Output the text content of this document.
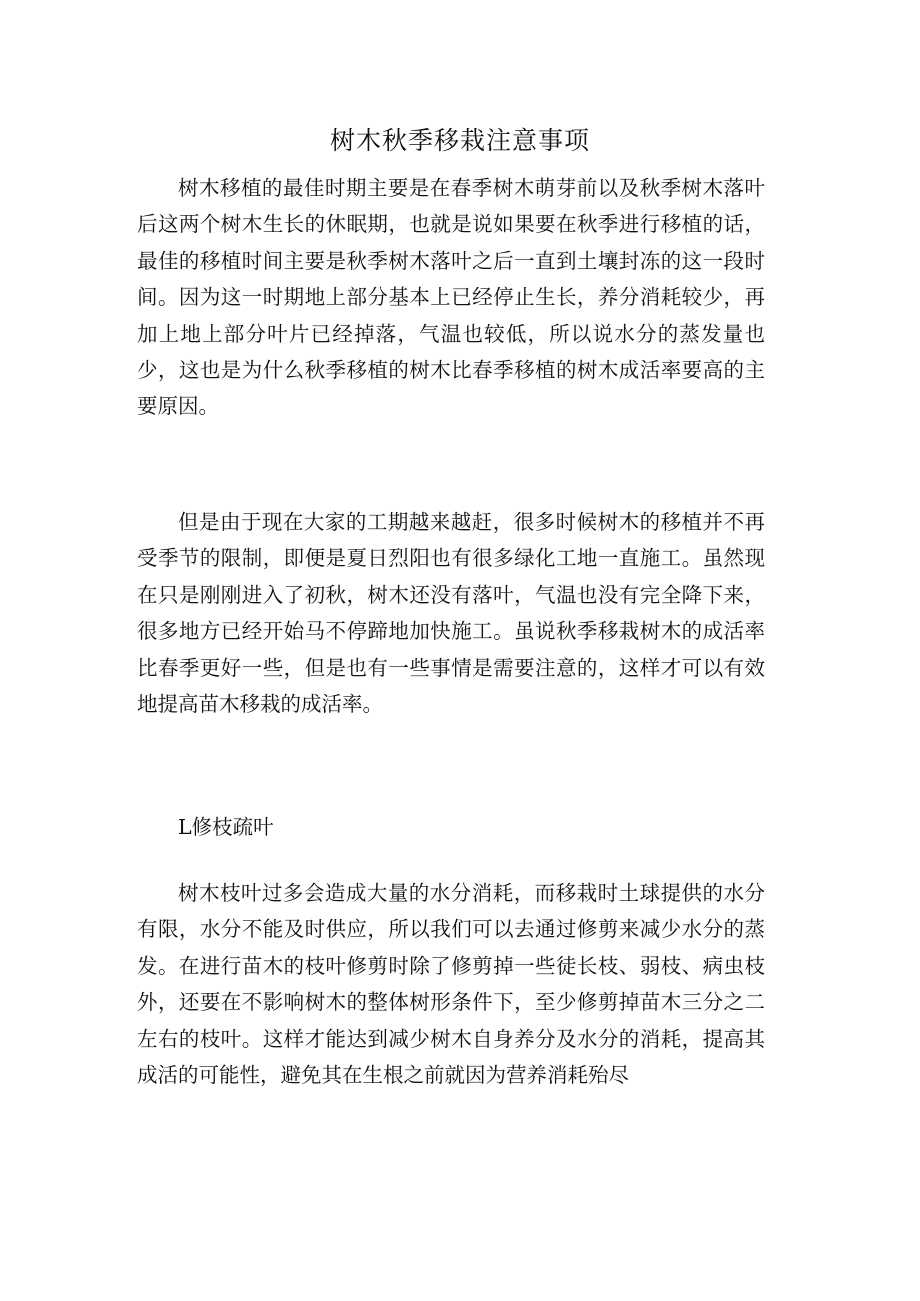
树木秋季移栽注意事项

树木移植的最佳时期主要是在春季树木萌芽前以及秋季树木落叶后这两个树木生长的休眠期，也就是说如果要在秋季进行移植的话，最佳的移植时间主要是秋季树木落叶之后一直到土壤封冻的这一段时间。因为这一时期地上部分基本上已经停止生长，养分消耗较少，再加上地上部分叶片已经掉落，气温也较低，所以说水分的蒸发量也少，这也是为什么秋季移植的树木比春季移植的树木成活率要高的主要原因。

但是由于现在大家的工期越来越赶，很多时候树木的移植并不再受季节的限制，即便是夏日烈阳也有很多绿化工地一直施工。虽然现在只是刚刚进入了初秋，树木还没有落叶，气温也没有完全降下来，很多地方已经开始马不停蹄地加快施工。虽说秋季移栽树木的成活率比春季更好一些，但是也有一些事情是需要注意的，这样才可以有效地提高苗木移栽的成活率。

L修枝疏叶

树木枝叶过多会造成大量的水分消耗，而移栽时土球提供的水分有限，水分不能及时供应，所以我们可以去通过修剪来减少水分的蒸发。在进行苗木的枝叶修剪时除了修剪掉一些徒长枝、弱枝、病虫枝外，还要在不影响树木的整体树形条件下，至少修剪掉苗木三分之二左右的枝叶。这样才能达到减少树木自身养分及水分的消耗，提高其成活的可能性，避免其在生根之前就因为营养消耗殆尽
